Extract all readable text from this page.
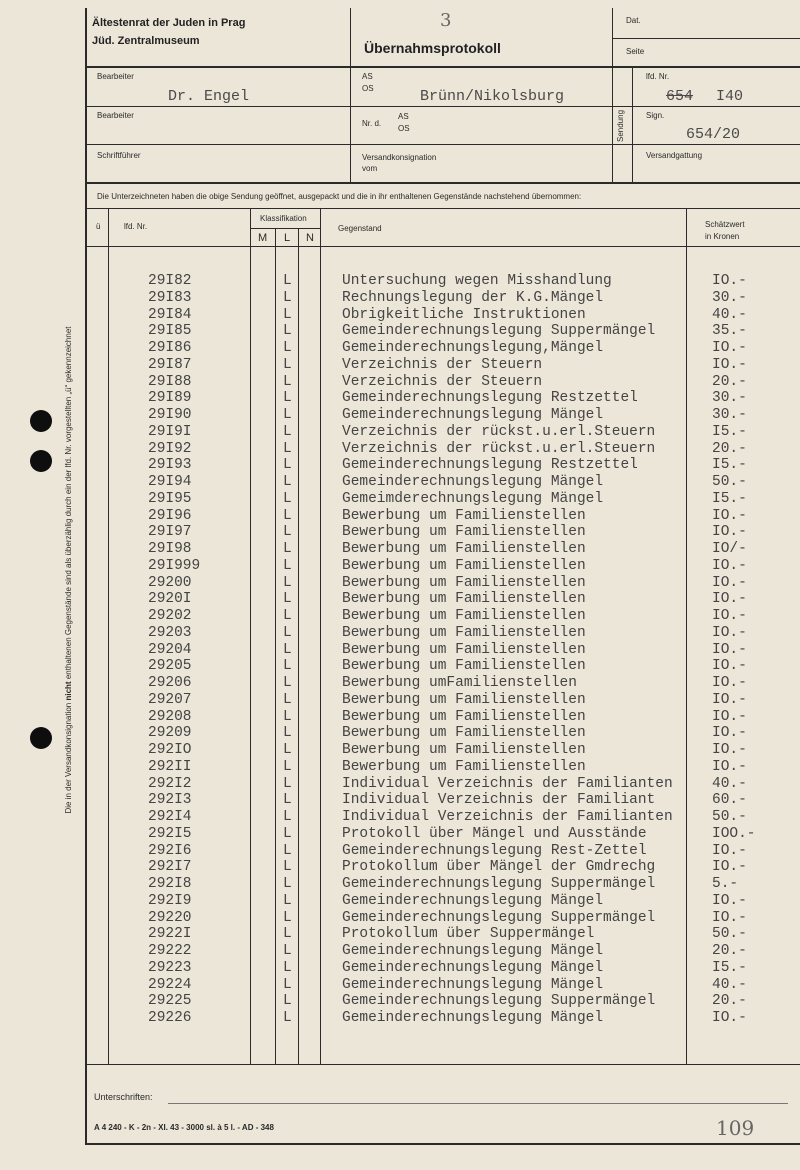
Ältestenrat der Juden in Prag
Jüd. Zentralmuseum	Übernahmsprotokoll
3	Dat.
Seite
Bearbeiter
Dr. Engel
Bearbeiter
Schriftführer
AS
OS	Brünn/Nikolsburg
Nr. d.
AS
OS
Versandkonsignation
vom
Sendung
lfd. Nr.
654 I40
Sign.
654/20
Versandgattung
Die Unterzeichneten haben die obige Sendung geöffnet, ausgepackt und die in ihr enthaltenen Gegenstände nachstehend übernommen:
ü	lfd. Nr.
Klassifikation
M L N
Gegenstand	Schätzwert
in Kronen
Die in der Versandkonsignation nicht enthaltenen Gegenstände sind als überzählig durch ein der lfd. Nr. vorgestellten „ü“ gekennzeichnet
29I82	L	Untersuchung wegen Misshandlung	IO.-
29I83	L	Rechnungslegung der K.G.Mängel	30.-
29I84	L	Obrigkeitliche Instruktionen	40.-
29I85	L	Gemeinderechnungslegung Suppermängel	35.-
29I86	L	Gemeinderechnungslegung,Mängel	IO.-
29I87	L	Verzeichnis der Steuern	IO.-
29I88	L	Verzeichnis der Steuern	20.-
29I89	L	Gemeinderechnungslegung Restzettel	30.-
29I90	L	Gemeinderechnungslegung Mängel	30.-
29I9I	L	Verzeichnis der rückst.u.erl.Steuern	I5.-
29I92	L	Verzeichnis der rückst.u.erl.Steuern	20.-
29I93	L	Gemeinderechnungslegung Restzettel	I5.-
29I94	L	Gemeinderechnungslegung Mängel	50.-
29I95	L	Gemeimderechnungslegung Mängel	I5.-
29I96	L	Bewerbung um Familienstellen	IO.-
29I97	L	Bewerbung um Familienstellen	IO.-
29I98	L	Bewerbung um Familienstellen	IO/-
29I999	L	Bewerbung um Familienstellen	IO.-
29200	L	Bewerbung um Familienstellen	IO.-
2920I	L	Bewerbung um Familienstellen	IO.-
29202	L	Bewerbung um Familienstellen	IO.-
29203	L	Bewerbung um Familienstellen	IO.-
29204	L	Bewerbung um Familienstellen	IO.-
29205	L	Bewerbung um Familienstellen	IO.-
29206	L	Bewerbung umFamilienstellen	IO.-
29207	L	Bewerbung um Familienstellen	IO.-
29208	L	Bewerbung um Familienstellen	IO.-
29209	L	Bewerbung um Familienstellen	IO.-
292IO	L	Bewerbung um Familienstellen	IO.-
292II	L	Bewerbung um Familienstellen	IO.-
292I2	L	Individual Verzeichnis der Familianten	40.-
292I3	L	Individual Verzeichnis der Familiant	60.-
292I4	L	Individual Verzeichnis der Familianten	50.-
292I5	L	Protokoll über Mängel und Ausstände	IOO.-
292I6	L	Gemeinderechnungslegung Rest-Zettel	IO.-
292I7	L	Protokollum über Mängel der Gmdrechg	IO.-
292I8	L	Gemeinderechnungslegung Suppermängel	5.-
292I9	L	Gemeinderechnungslegung Mängel	IO.-
29220	L	Gemeinderechnungslegung Suppermängel	IO.-
2922I	L	Protokollum über Suppermängel	50.-
29222	L	Gemeinderechnungslegung Mängel	20.-
29223	L	Gemeinderechnungslegung Mängel	I5.-
29224	L	Gemeinderechnungslegung Mängel	40.-
29225	L	Gemeinderechnungslegung Suppermängel	20.-
29226	L	Gemeinderechnungslegung Mängel	IO.-
Unterschriften:
A 4 240 - K - 2n - XI. 43 - 3000 sl. à 5 l. - AD - 348	109
